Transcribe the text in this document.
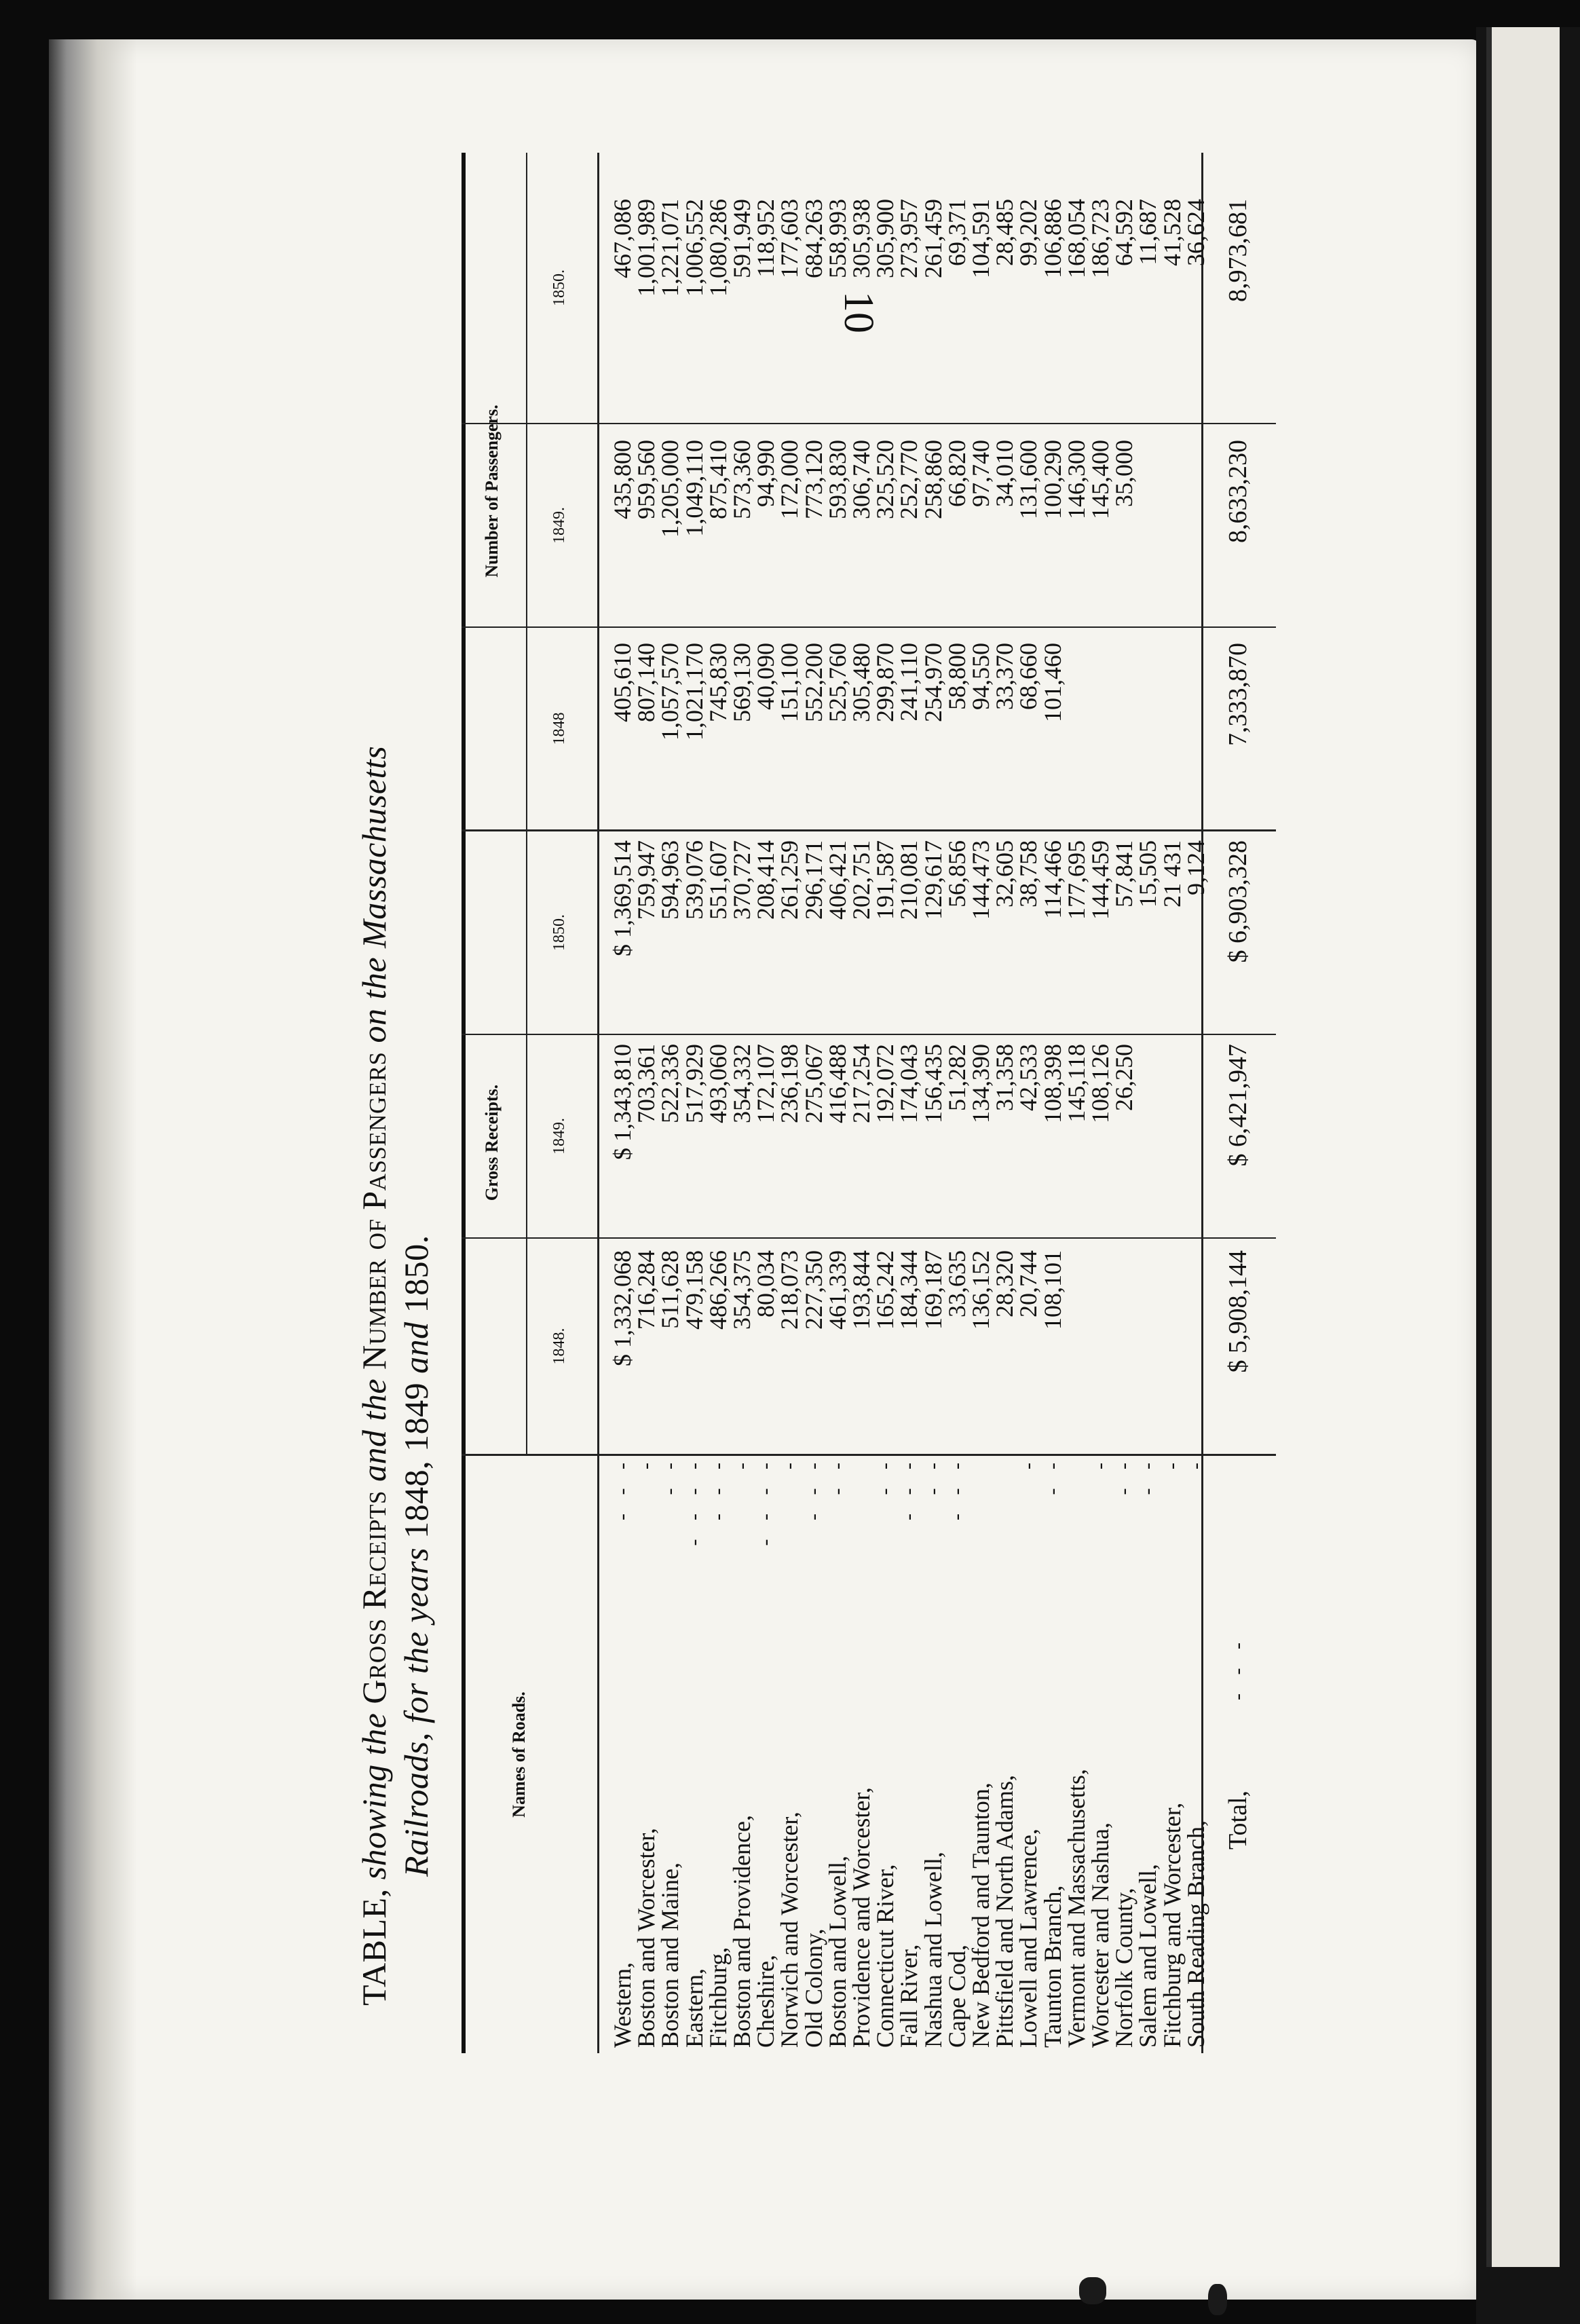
10
TABLE, showing the Gross Receipts and the Number of Passengers on the Massachusetts
Railroads, for the years 1848, 1849 and 1850.
Names of Roads.
Gross Receipts.
Number of Passengers.
1848.
1849.
1850.
1848
1849.
1850.
Western,
- - -
$ 1,332,068
$ 1,343,810
$ 1,369,514
405,610
435,800
467,086
Boston and Worcester,
-
716,284
703,361
759,947
807,140
959,560
1,001,989
Boston and Maine,
- -
511,628
522,336
594,963
1,057,570
1,205,000
1,221,071
Eastern,
- - - -
479,158
517,929
539,076
1,021,170
1,049,110
1,006,552
Fitchburg,
- - -
486,266
493,060
551,607
745,830
875,410
1,080,286
Boston and Providence,
-
354,375
354,332
370,727
569,130
573,360
591,949
Cheshire,
- - - -
80,034
172,107
208,414
40,090
94,990
118,952
Norwich and Worcester,
-
218,073
236,198
261,259
151,100
172,000
177,603
Old Colony,
- - -
227,350
275,067
296,171
552,200
773,120
684,263
Boston and Lowell,
- -
461,339
416,488
406,421
525,760
593,830
558,993
Providence and Worcester,
193,844
217,254
202,751
305,480
306,740
305,938
Connecticut River,
- -
165,242
192,072
191,587
299,870
325,520
305,900
Fall River,
- - -
184,344
174,043
210,081
241,110
252,770
273,957
Nashua and Lowell,
- -
169,187
156,435
129,617
254,970
258,860
261,459
Cape Cod,
- - -
33,635
51,282
56,856
58,800
66,820
69,371
New Bedford and Taunton,
136,152
134,390
144,473
94,550
97,740
104,591
Pittsfield and North Adams,
28,320
31,358
32,605
33,370
34,010
28,485
Lowell and Lawrence,
-
20,744
42,533
38,758
68,660
131,600
99,202
Taunton Branch,
- -
108,101
108,398
114,466
101,460
100,290
106,886
Vermont and Massachusetts,
145,118
177,695
146,300
168,054
Worcester and Nashua,
-
108,126
144,459
145,400
186,723
Norfolk County,
- -
26,250
57,841
35,000
64,592
Salem and Lowell,
- -
15,505
11,687
Fitchburg and Worcester,
-
21 431
41,528
South Reading Branch,
-
9,124
36,624
Total,
- - -
$ 5,908,144
$ 6,421,947
$ 6,903,328
7,333,870
8,633,230
8,973,681
